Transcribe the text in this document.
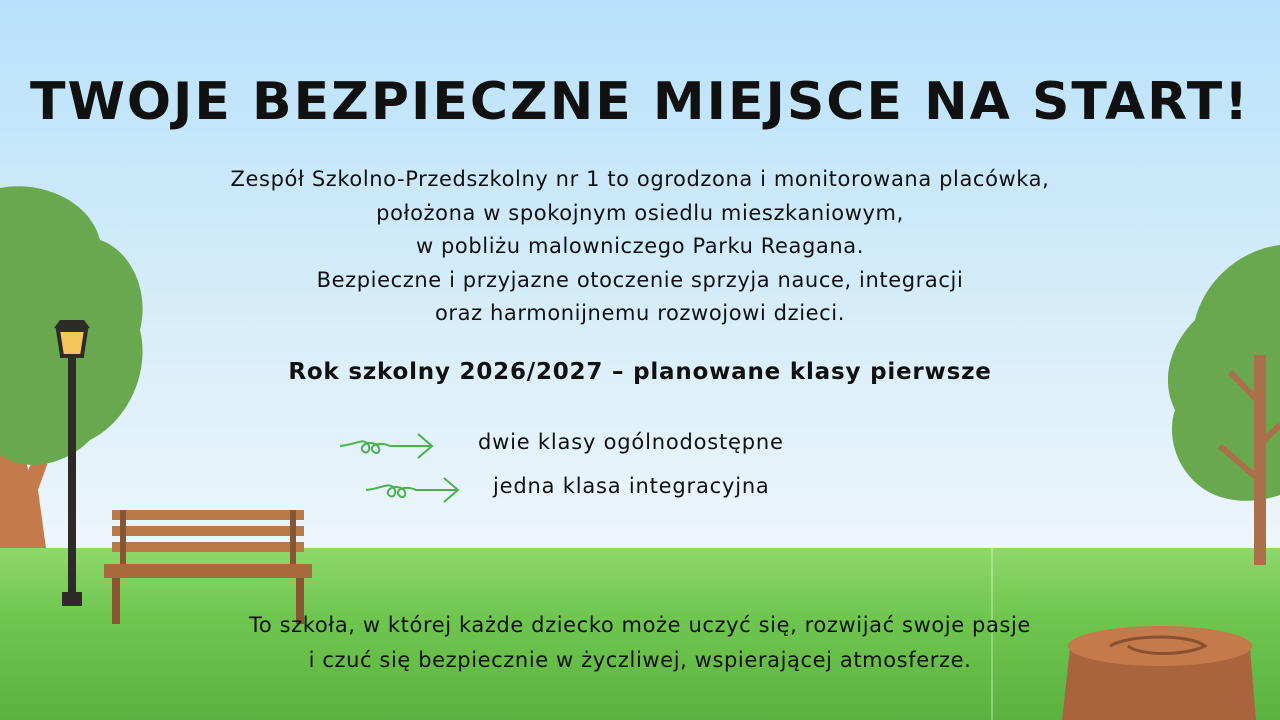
TWOJE BEZPIECZNE MIEJSCE NA START!

Zespół Szkolno-Przedszkolny nr 1 to ogrodzona i monitorowana placówka,
położona w spokojnym osiedlu mieszkaniowym,
w pobliżu malowniczego Parku Reagana.
Bezpieczne i przyjazne otoczenie sprzyja nauce, integracji
oraz harmonijnemu rozwojowi dzieci.

Rok szkolny 2026/2027 – planowane klasy pierwsze
dwie klasy ogólnodostępne
jedna klasa integracyjna

To szkoła, w której każde dziecko może uczyć się, rozwijać swoje pasje
i czuć się bezpiecznie w życzliwej, wspierającej atmosferze.
